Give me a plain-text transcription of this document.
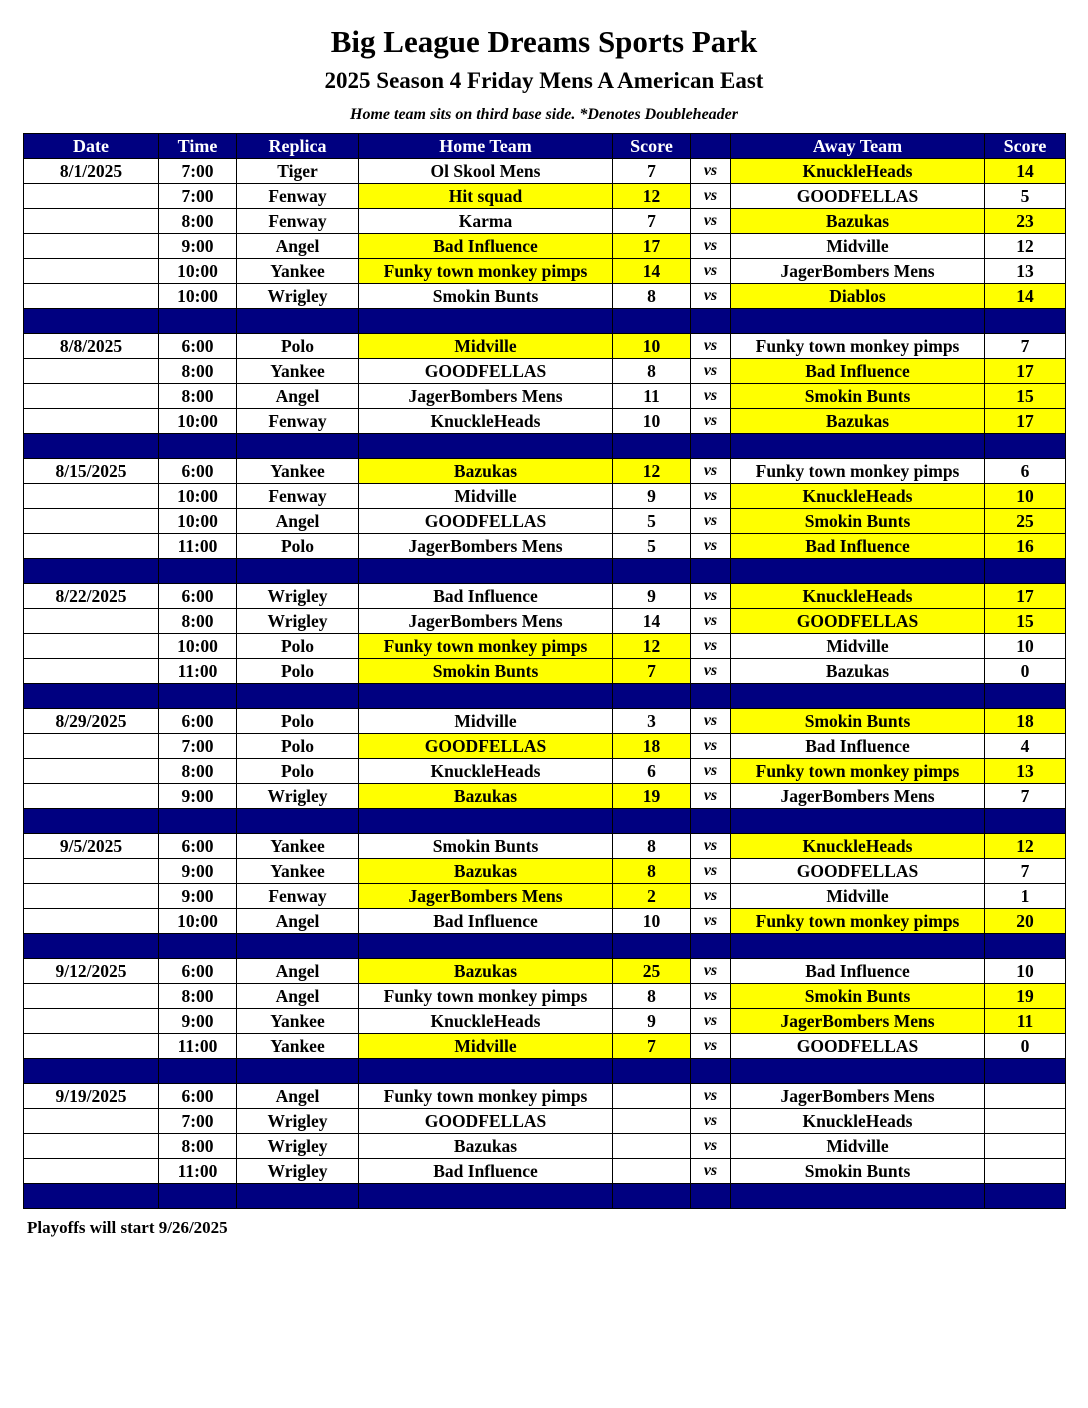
Big League Dreams Sports Park
2025 Season 4 Friday Mens A American East
Home team sits on third base side. *Denotes Doubleheader
Date	Time	Replica	Home Team	Score		Away Team	Score
8/1/2025	7:00	Tiger	Ol Skool Mens	7	vs	KnuckleHeads	14
	7:00	Fenway	Hit squad	12	vs	GOODFELLAS	5
	8:00	Fenway	Karma	7	vs	Bazukas	23
	9:00	Angel	Bad Influence	17	vs	Midville	12
	10:00	Yankee	Funky town monkey pimps	14	vs	JagerBombers Mens	13
	10:00	Wrigley	Smokin Bunts	8	vs	Diablos	14

8/8/2025	6:00	Polo	Midville	10	vs	Funky town monkey pimps	7
	8:00	Yankee	GOODFELLAS	8	vs	Bad Influence	17
	8:00	Angel	JagerBombers Mens	11	vs	Smokin Bunts	15
	10:00	Fenway	KnuckleHeads	10	vs	Bazukas	17

8/15/2025	6:00	Yankee	Bazukas	12	vs	Funky town monkey pimps	6
	10:00	Fenway	Midville	9	vs	KnuckleHeads	10
	10:00	Angel	GOODFELLAS	5	vs	Smokin Bunts	25
	11:00	Polo	JagerBombers Mens	5	vs	Bad Influence	16

8/22/2025	6:00	Wrigley	Bad Influence	9	vs	KnuckleHeads	17
	8:00	Wrigley	JagerBombers Mens	14	vs	GOODFELLAS	15
	10:00	Polo	Funky town monkey pimps	12	vs	Midville	10
	11:00	Polo	Smokin Bunts	7	vs	Bazukas	0

8/29/2025	6:00	Polo	Midville	3	vs	Smokin Bunts	18
	7:00	Polo	GOODFELLAS	18	vs	Bad Influence	4
	8:00	Polo	KnuckleHeads	6	vs	Funky town monkey pimps	13
	9:00	Wrigley	Bazukas	19	vs	JagerBombers Mens	7

9/5/2025	6:00	Yankee	Smokin Bunts	8	vs	KnuckleHeads	12
	9:00	Yankee	Bazukas	8	vs	GOODFELLAS	7
	9:00	Fenway	JagerBombers Mens	2	vs	Midville	1
	10:00	Angel	Bad Influence	10	vs	Funky town monkey pimps	20

9/12/2025	6:00	Angel	Bazukas	25	vs	Bad Influence	10
	8:00	Angel	Funky town monkey pimps	8	vs	Smokin Bunts	19
	9:00	Yankee	KnuckleHeads	9	vs	JagerBombers Mens	11
	11:00	Yankee	Midville	7	vs	GOODFELLAS	0

9/19/2025	6:00	Angel	Funky town monkey pimps		vs	JagerBombers Mens	
	7:00	Wrigley	GOODFELLAS		vs	KnuckleHeads	
	8:00	Wrigley	Bazukas		vs	Midville	
	11:00	Wrigley	Bad Influence		vs	Smokin Bunts	

Playoffs will start 9/26/2025
